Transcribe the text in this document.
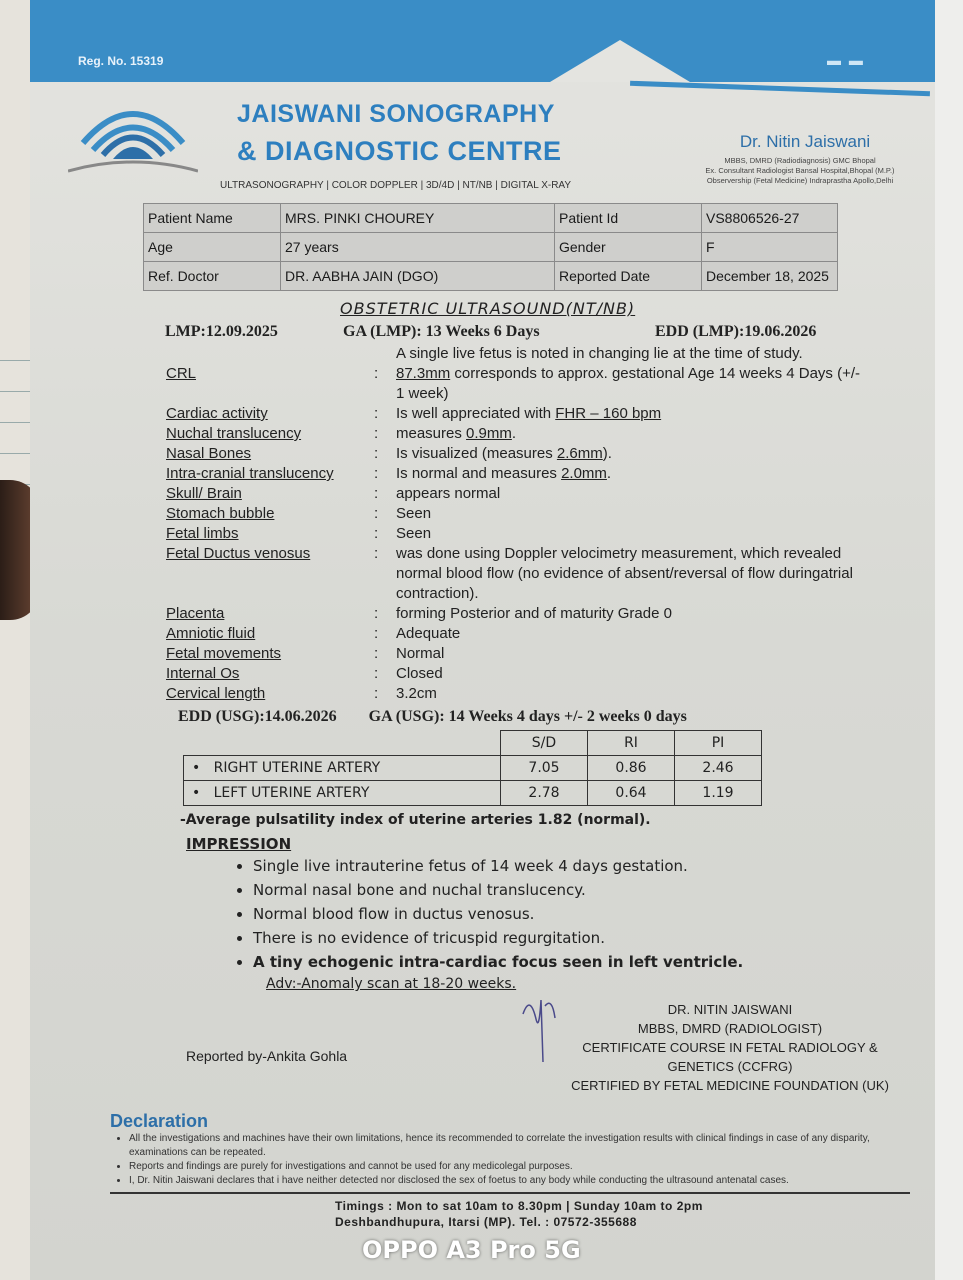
▬ ▬
Reg. No. 15319
JAISWANI SONOGRAPHY
& DIAGNOSTIC CENTRE
ULTRASONOGRAPHY | COLOR DOPPLER | 3D/4D | NT/NB | DIGITAL X-RAY
Dr. Nitin Jaiswani
MBBS, DMRD (Radiodiagnosis) GMC Bhopal
Ex. Consultant Radiologist Bansal Hospital,Bhopal (M.P.)
Observership (Fetal Medicine) Indraprastha Apollo,Delhi
Patient Name	MRS. PINKI CHOUREY	Patient Id	VS8806526-27
Age	27 years	Gender	F
Ref. Doctor	DR. AABHA JAIN (DGO)	Reported Date	December 18, 2025
OBSTETRIC ULTRASOUND(NT/NB)
LMP:12.09.2025	GA (LMP): 13 Weeks 6 Days	EDD (LMP):19.06.2026
A single live fetus is noted in changing lie at the time of study.
CRL	:	87.3mm corresponds to approx. gestational Age 14 weeks 4 Days (+/- 1 week)
Cardiac activity	:	Is well appreciated with FHR – 160 bpm
Nuchal translucency	:	measures 0.9mm.
Nasal Bones	:	Is visualized (measures 2.6mm).
Intra-cranial translucency	:	Is normal and measures 2.0mm.
Skull/ Brain	:	appears normal
Stomach bubble	:	Seen
Fetal limbs	:	Seen
Fetal Ductus venosus	:	was done using Doppler velocimetry measurement, which revealed normal blood flow (no evidence of absent/reversal of flow duringatrial contraction).
Placenta	:	forming Posterior and of maturity Grade 0
Amniotic fluid	:	Adequate
Fetal movements	:	Normal
Internal Os	:	Closed
Cervical length	:	3.2cm
EDD (USG):14.06.2026 GA (USG): 14 Weeks 4 days +/- 2 weeks 0 days
	S/D	RI	PI
• RIGHT UTERINE ARTERY	7.05	0.86	2.46
• LEFT UTERINE ARTERY	2.78	0.64	1.19
-Average pulsatility index of uterine arteries 1.82 (normal).
IMPRESSION
• Single live intrauterine fetus of 14 week 4 days gestation.
• Normal nasal bone and nuchal translucency.
• Normal blood flow in ductus venosus.
• There is no evidence of tricuspid regurgitation.
• A tiny echogenic intra-cardiac focus seen in left ventricle.
Adv:-Anomaly scan at 18-20 weeks.
Reported by-Ankita Gohla
DR. NITIN JAISWANI
MBBS, DMRD (RADIOLOGIST)
CERTIFICATE COURSE IN FETAL RADIOLOGY &
GENETICS (CCFRG)
CERTIFIED BY FETAL MEDICINE FOUNDATION (UK)
Declaration
• All the investigations and machines have their own limitations, hence its recommended to correlate the investigation results with clinical findings in case of any disparity, examinations can be repeated.
• Reports and findings are purely for investigations and cannot be used for any medicolegal purposes.
• I, Dr. Nitin Jaiswani declares that i have neither detected nor disclosed the sex of foetus to any body while conducting the ultrasound antenatal cases.
Timings : Mon to sat 10am to 8.30pm | Sunday 10am to 2pm
Deshbandhupura, Itarsi (MP). Tel. : 07572-355688
OPPO A3 Pro 5G
